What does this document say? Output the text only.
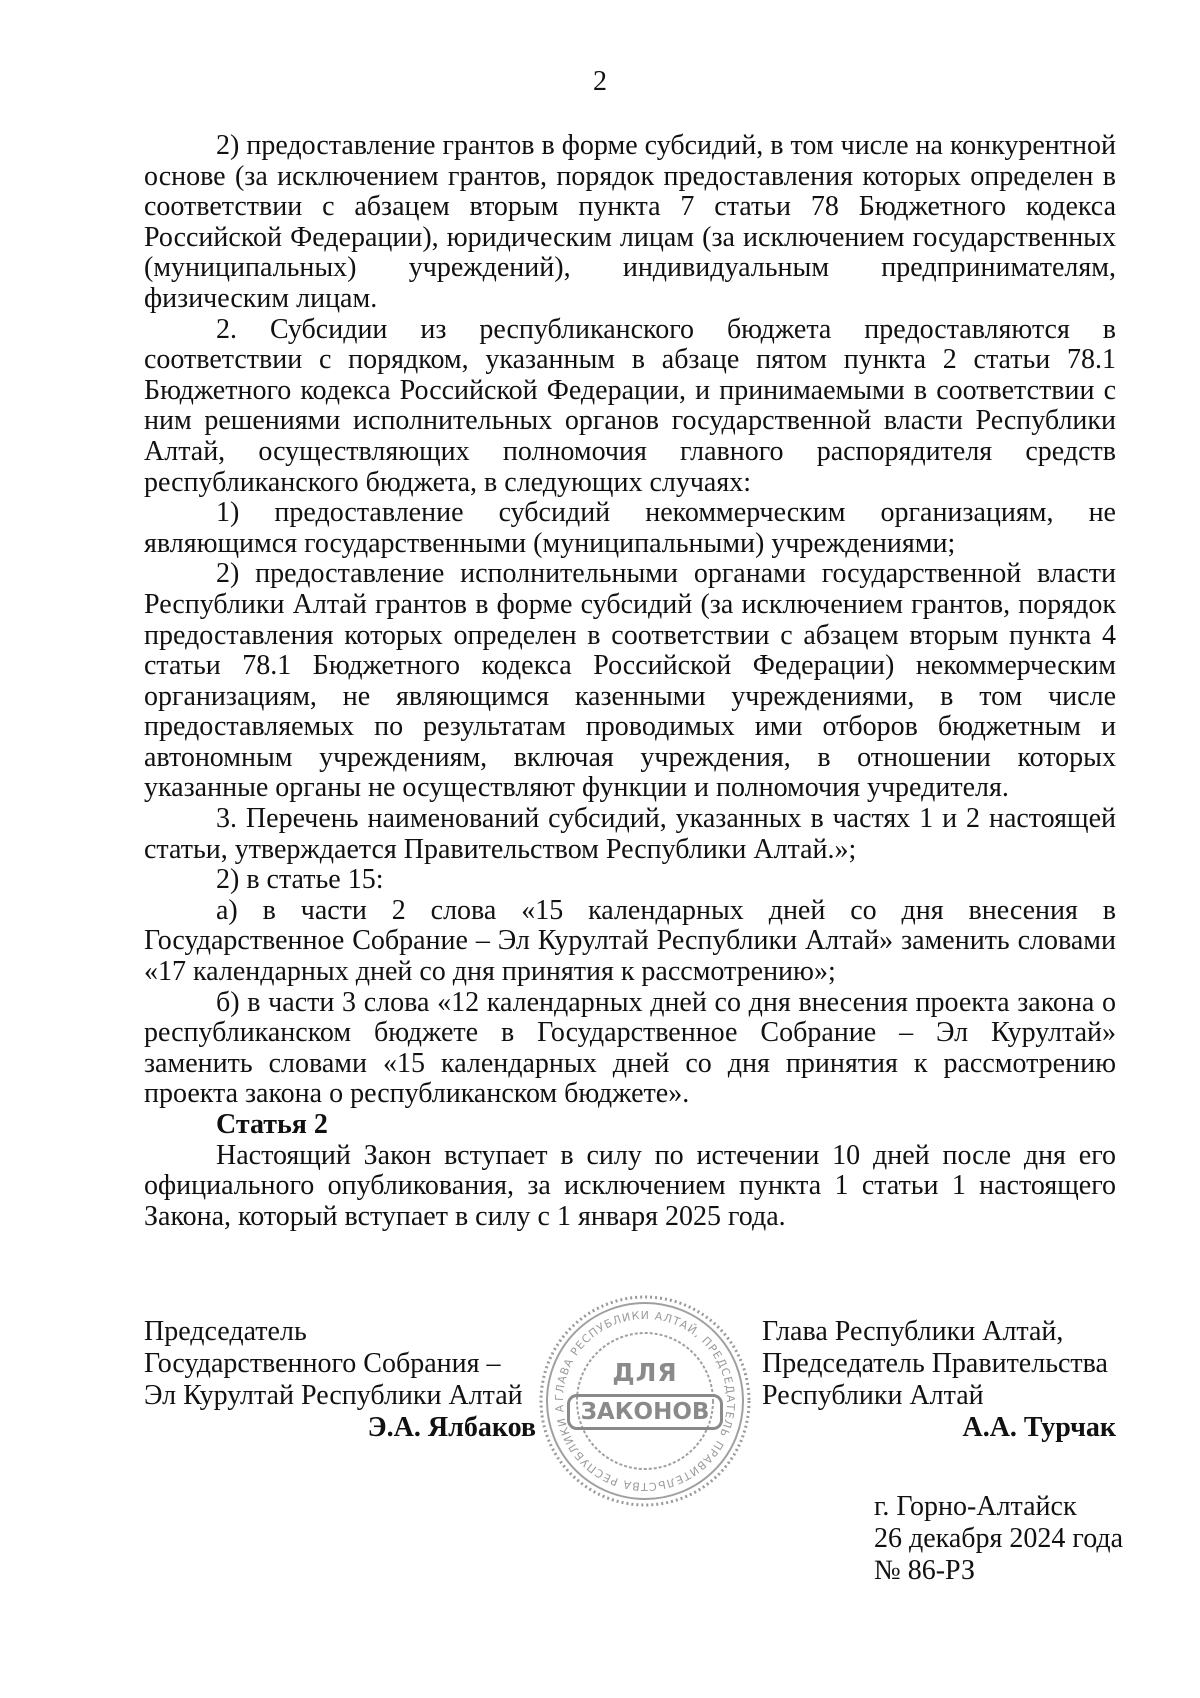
2

2) предоставление грантов в форме субсидий, в том числе на конкурентной основе (за исключением грантов, порядок предоставления которых определен в соответствии с абзацем вторым пункта 7 статьи 78 Бюджетного кодекса Российской Федерации), юридическим лицам (за исключением государственных (муниципальных) учреждений), индивидуальным предпринимателям, физическим лицам.

2. Субсидии из республиканского бюджета предоставляются в соответствии с порядком, указанным в абзаце пятом пункта 2 статьи 78.1 Бюджетного кодекса Российской Федерации, и принимаемыми в соответствии с ним решениями исполнительных органов государственной власти Республики Алтай, осуществляющих полномочия главного распорядителя средств республиканского бюджета, в следующих случаях:

1) предоставление субсидий некоммерческим организациям, не являющимся государственными (муниципальными) учреждениями;

2) предоставление исполнительными органами государственной власти Республики Алтай грантов в форме субсидий (за исключением грантов, порядок предоставления которых определен в соответствии с абзацем вторым пункта 4 статьи 78.1 Бюджетного кодекса Российской Федерации) некоммерческим организациям, не являющимся казенными учреждениями, в том числе предоставляемых по результатам проводимых ими отборов бюджетным и автономным учреждениям, включая учреждения, в отношении которых указанные органы не осуществляют функции и полномочия учредителя.

3. Перечень наименований субсидий, указанных в частях 1 и 2 настоящей статьи, утверждается Правительством Республики Алтай.»;

2) в статье 15:

а) в части 2 слова «15 календарных дней со дня внесения в Государственное Собрание – Эл Курултай Республики Алтай» заменить словами «17 календарных дней со дня принятия к рассмотрению»;

б) в части 3 слова «12 календарных дней со дня внесения проекта закона о республиканском бюджете в Государственное Собрание – Эл Курултай» заменить словами «15 календарных дней со дня принятия к рассмотрению проекта закона о республиканском бюджете».

Статья 2

Настоящий Закон вступает в силу по истечении 10 дней после дня его официального опубликования, за исключением пункта 1 статьи 1 настоящего Закона, который вступает в силу с 1 января 2025 года.

Председатель
Государственного Собрания –
Эл Курултай Республики Алтай
Э.А. Ялбаков
ГЛАВА РЕСПУБЛИКИ АЛТАЙ, ПРЕДСЕДАТЕЛЬ ПРАВИТЕЛЬСТВА РЕСПУБЛИКИ А
ДЛЯ
ЗАКОНОВ
Глава Республики Алтай,
Председатель Правительства
Республики Алтай
А.А. Турчак
г. Горно-Алтайск
26 декабря 2024 года
№ 86-РЗ
